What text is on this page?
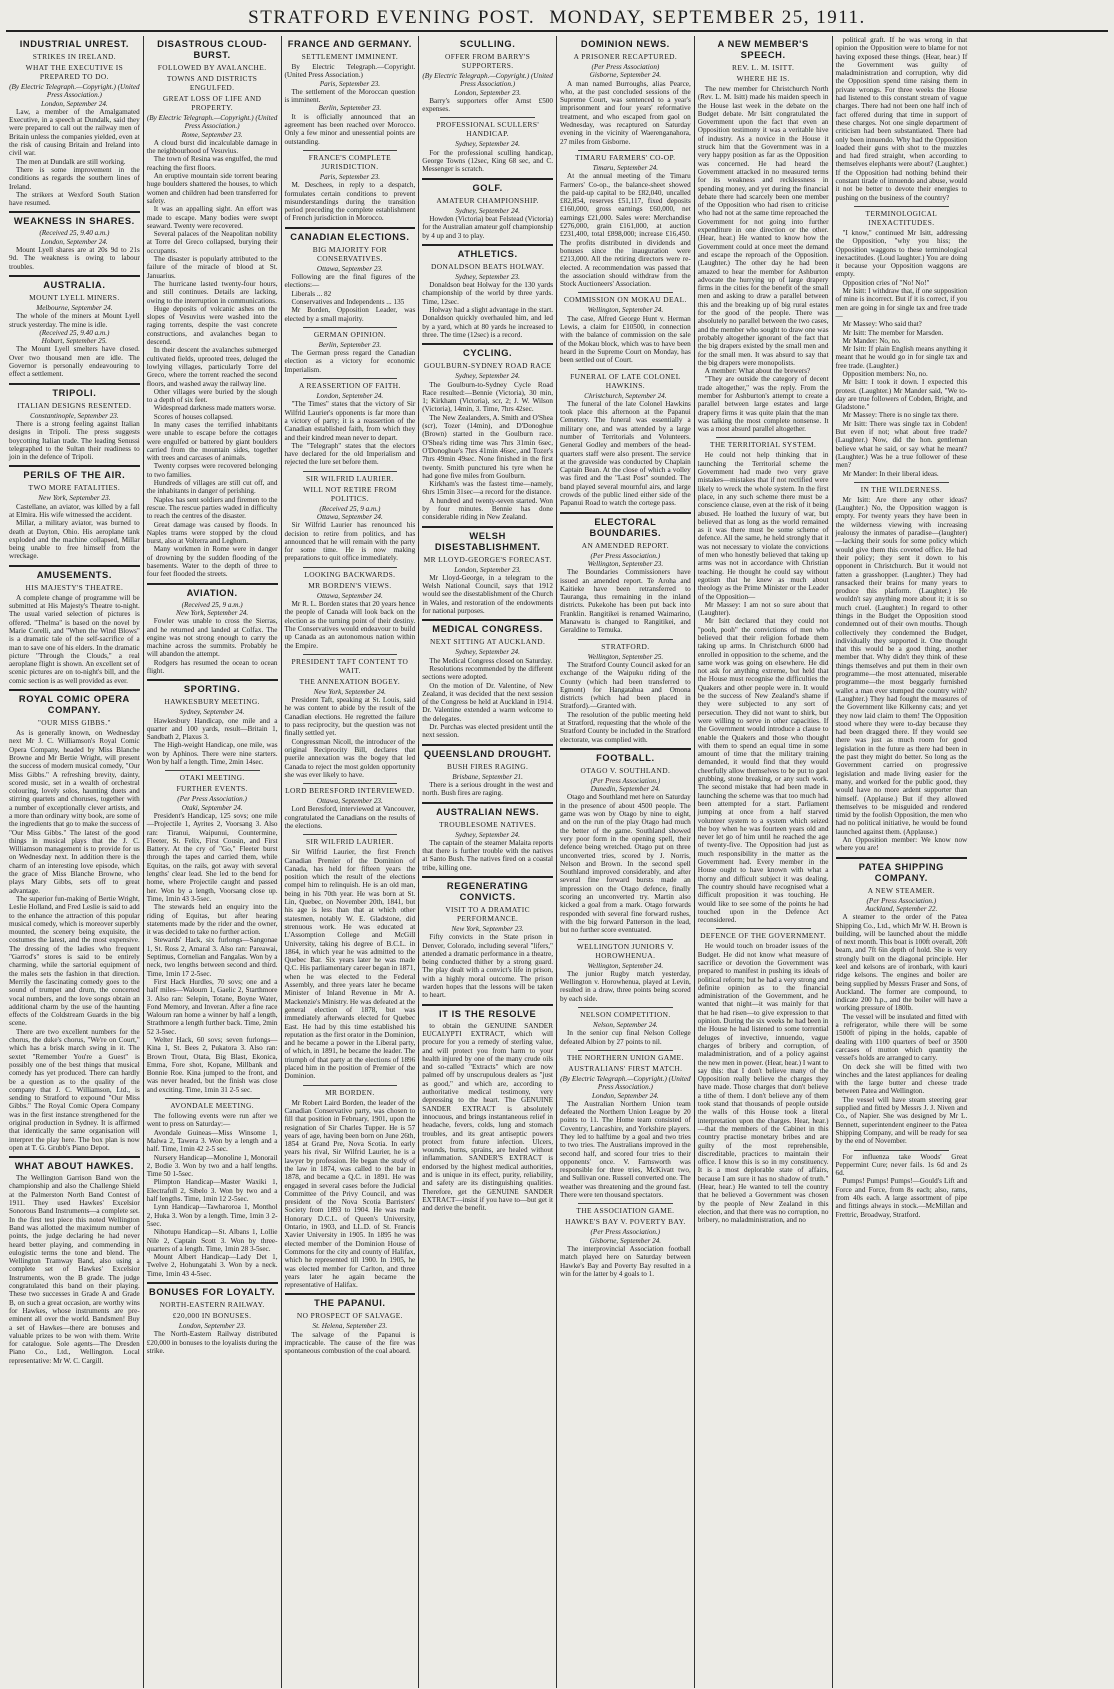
STRATFORD EVENING POST. MONDAY, SEPTEMBER 25, 1911.
INDUSTRIAL UNREST.
STRIKES IN IRELAND.
WHAT THE EXECUTIVE IS PREPARED TO DO.

(By Electric Telegraph.—Copyright.) (United Press Association.)

London, September 24.

Law, a member of the Amalgamated Executive, in a speech at Dundalk, said they were prepared to call out the railway men of Britain unless the companies yielded, even at the risk of causing Britain and Ireland into civil war.

The men at Dundalk are still working.

There is some improvement in the conditions as regards the southern lines of Ireland.

The strikers at Wexford South Station have resumed.

WEAKNESS IN SHARES.

(Received 25, 9.40 a.m.)

London, September 24.

Mount Lyell shares are at 20s 9d to 21s 9d. The weakness is owing to labour troubles.

AUSTRALIA.
MOUNT LYELL MINERS.

Melbourne, September 24.

The whole of the miners at Mount Lyell struck yesterday. The mine is idle.

(Received 25, 9.40 a.m.)

Hobart, September 25.

The Mount Lyell smelters have closed. Over two thousand men are idle. The Governor is personally endeavouring to effect a settlement.

TRIPOLI.
ITALIAN DESIGNS RESENTED.

Constantinople, September 23.

There is a strong feeling against Italian designs in Tripoli. The press suggests boycotting Italian trade. The leading Senussi telegraphed to the Sultan their readiness to join in the defence of Tripoli.

PERILS OF THE AIR.
TWO MORE FATALITIES.

New York, September 23.

Castellane, an aviator, was killed by a fall at Elmira. His wife witnessed the accident.

Millar, a military aviator, was burned to death at Dayton, Ohio. His aeroplane tank exploded and the machine collapsed, Millar being unable to free himself from the wreckage.

AMUSEMENTS.
HIS MAJESTY'S THEATRE.

A complete change of programme will be submitted at His Majesty's Theatre to-night. The usual varied selection of pictures is offered. "Thelma" is based on the novel by Marie Corelli, and "When the Wind Blows" is a dramatic tale of the self-sacrifice of a man to save one of his elders. In the dramatic picture "Through the Clouds," a real aeroplane flight is shown. An excellent set of scenic pictures are on to-night's bill, and the comic section is as well provided as ever.

ROYAL COMIC OPERA COMPANY.
"OUR MISS GIBBS."

As is generally known, on Wednesday next Mr J. C. Williamson's Royal Comic Opera Company, headed by Miss Blanche Browne and Mr Bertie Wright, will present the success of modern musical comedy, "Our Miss Gibbs." A refreshing brevity, dainty, scored music, set in a wealth of orchestral colouring, lovely solos, haunting duets and stirring quartets and choruses, together with a number of exceptionally clever artists, and a more than ordinary witty book, are some of the ingredients that go to make the success of "Our Miss Gibbs." The latest of the good things in musical plays that the J. C. Williamson management is to provide for us on Wednesday next. In addition there is the charm of an interesting love episode, which the grace of Miss Blanche Browne, who plays Mary Gibbs, sets off to great advantage.

The superior fun-making of Bertie Wright, Leslie Holland, and Fred Leslie is said to add to the enhance the attraction of this popular musical comedy, which is moreover superbly mounted, the scenery being exquisite, the costumes the latest, and the most expensive. The dressing of the ladies who frequent "Garrod's" stores is said to be entirely charming, while the sartorial equipment of the males sets the fashion in that direction. Merrily the fascinating comedy goes to the sound of trumpet and drum, the concerted vocal numbers, and the love songs obtain an additional charm by the use of the haunting effects of the Coldstream Guards in the big scene.

There are two excellent numbers for the chorus, the duke's chorus, "We're on Court," which has a brisk march swing in it. The sextet "Remember You're a Guest" is possibly one of the best things that musical comedy has yet produced. There can hardly be a question as to the quality of the company that J. C. Williamson, Ltd., is sending to Stratford to expound "Our Miss Gibbs." The Royal Comic Opera Company was in the first instance strengthened for the original production in Sydney. It is affirmed that identically the same organisation will interpret the play here. The box plan is now open at T. G. Grubb's Piano Depot.

WHAT ABOUT HAWKES.

The Wellington Garrison Band won the championship and also the Challenge Shield at the Palmerston North Band Contest of 1911. They used Hawkes' Excelsior Sonorous Band Instruments—a complete set. In the first test piece this noted Wellington Band was allotted the maximum number of points, the judge declaring he had never heard better playing, and commending in eulogistic terms the tone and blend. The Wellington Tramway Band, also using a complete set of Hawkes' Excelsior Instruments, won the B grade. The judge congratulated this band on their playing. These two successes in Grade A and Grade B, on such a great occasion, are worthy wins for Hawkes, whose instruments are pre-eminent all over the world. Bandsmen! Buy a set of Hawkes—there are bonuses and valuable prizes to be won with them. Write for catalogue. Sole agents—The Dresden Piano Co., Ltd., Wellington. Local representative: Mr W. C. Cargill.

DISASTROUS CLOUD-BURST.
FOLLOWED BY AVALANCHE.
TOWNS AND DISTRICTS ENGULFED.
GREAT LOSS OF LIFE AND PROPERTY.

(By Electric Telegraph.—Copyright.) (United Press Association.)

Rome, September 23.

A cloud burst did incalculable damage in the neighbourhood of Vesuvius.

The town of Resina was engulfed, the mud reaching the first floors.

An eruptive mountain side torrent bearing huge boulders shattered the houses, to which women and children had been transferred for safety.

It was an appalling sight. An effort was made to escape. Many bodies were swept seaward. Twenty were recovered.

Several palaces of the Neapolitan nobility at Torre del Greco collapsed, burying their occupants.

The disaster is popularly attributed to the failure of the miracle of blood at St. Januarius.

The hurricane lasted twenty-four hours, and still continues. Details are lacking, owing to the interruption in communications.

Huge deposits of volcanic ashes on the slopes of Vesuvius were washed into the raging torrents, despite the vast concrete constructions, and avalanches began to descend.

In their descent the avalanches submerged cultivated fields, uprooted trees, deluged the lowlying villages, particularly Torre del Greco, where the torrent reached the second floors, and washed away the railway line.

Other villages were buried by the slough to a depth of six feet.

Widespread darkness made matters worse.

Scores of houses collapsed.

In many cases the terrified inhabitants were unable to escape before the cottages were engulfed or battered by giant boulders carried from the mountain sides, together with trees and carcases of animals.

Twenty corpses were recovered belonging to two families.

Hundreds of villages are still cut off, and the inhabitants in danger of perishing.

Naples has sent soldiers and firemen to the rescue. The rescue parties waded in difficulty to reach the centres of the disaster.

Great damage was caused by floods. In Naples trams were stopped by the cloud burst, also at Volterra and Leghorn.

Many workmen in Rome were in danger of drowning by the sudden flooding of the basements. Water to the depth of three to four feet flooded the streets.

AVIATION.

(Received 25, 9 a.m.)

New York, September 24.

Fowler was unable to cross the Sierras, and he returned and landed at Colfax. The engine was not strong enough to carry the machine across the summits. Probably he will abandon the attempt.

Rodgers has resumed the ocean to ocean flight.

SPORTING.
HAWKESBURY MEETING.

Sydney, September 24.

Hawkesbury Handicap, one mile and a quarter and 100 yards, result—Britain 1, Sandbath 2, Plaxus 3.

The High-weight Handicap, one mile, was won by Aphinos. There were nine starters. Won by half a length. Time, 2min 14sec.

OTAKI MEETING.
FURTHER EVENTS.

(Per Press Association.)

Otaki, September 24.

President's Handicap, 125 sovs; one mile—Projectile 1, Ayrites 2, Voorsang 3. Also ran: Tiranui, Waipunui, Countermine, Fleeter, St. Felix, First Cousin, and First Battery. At the cry of "Go," Fleeter burst through the tapes and carried them, while Equitas, on the rails, got away with several lengths' clear lead. She led to the bend for home, where Projectile caught and passed her. Won by a length, Voorsang close up. Time, 1min 43 3-5sec.

The stewards held an enquiry into the riding of Equitas, but after hearing statements made by the rider and the owner, it was decided to take no further action.

Stewards' Hack, six furlongs—Sangonae 1, St. Ross 2, Amaral 3. Also ran: Pareawai, Septimus, Cornelian and Fangalas. Won by a neck, two lengths between second and third. Time, 1min 17 2-5sec.

First Hack Hurdles, 70 sovs; one and a half miles—Walourn 1, Gaelic 2, Starthmore 3. Also ran: Selepin, Totane, Boyne Water, Fond Memory, and Inveran. After a fine race Walourn ran home a winner by half a length, Strathmore a length further back. Time, 2min 52 3-5sec.

Welter Hack, 60 sovs; seven furlongs—Kina 1, St. Bees 2, Pukatora 3. Also ran: Brown Trout, Otata, Big Blast, Ekonica, Emma, Fore shot, Kopane, Millbank and Bonnie Roe. Kina jumped to the front, and was never headed, but the finish was close and exciting. Time, 1min 31 2-5 sec.

AVONDALE MEETING.

The following events were run after we went to press on Saturday:—

Avondale Guineas—Miss Winsome 1, Malwa 2, Tawera 3. Won by a length and a half. Time, 1min 42 2-5 sec.

Nursery Handicap—Monoline 1, Monorail 2, Bodie 3. Won by two and a half lengths. Time 50 1-5sec.

Plimpton Handicap—Master Waxiki 1, Electrafull 2, Sibelo 3. Won by two and a half lengths. Time, 1min 12 2-5sec.

Lynn Handicap—Tawharoroa 1, Monthol 2, Huka 3. Won by a length. Time, 1min 3 2-5sec.

Nihotupu Handicap—St. Albans 1, Lollie Nile 2, Captain Scott 3. Won by three-quarters of a length. Time, 1min 28 3-5sec.

Mount Albert Handicap—Lady Det 1, Twelve 2, Hohungatahi 3. Won by a neck. Time, 1min 43 4-5sec.

BONUSES FOR LOYALTY.
NORTH-EASTERN RAILWAY.
£20,000 IN BONUSES.

London, September 23.

The North-Eastern Railway distributed £20,000 in bonuses to the loyalists during the strike.

FRANCE AND GERMANY.
SETTLEMENT IMMINENT.

By Electric Telegraph.—Copyright. (United Press Association.)

Paris, September 23.

The settlement of the Moroccan question is imminent.

Berlin, September 23.

It is officially announced that an agreement has been reached over Morocco. Only a few minor and unessential points are outstanding.

FRANCE'S COMPLETE JURISDICTION.

Paris, September 23.

M. Deschees, in reply to a despatch, formulates certain conditions to prevent misunderstandings during the transition period preceding the complete establishment of French jurisdiction in Morocco.

CANADIAN ELECTIONS.
BIG MAJORITY FOR CONSERVATIVES.

Ottawa, September 23.

Following are the final figures of the elections:—

Liberals ... 82

Conservatives and Independents ... 135

Mr Borden, Opposition Leader, was elected by a small majority.

GERMAN OPINION.

Berlin, September 23.

The German press regard the Canadian election as a victory for economic Imperialism.

A REASSERTION OF FAITH.

London, September 24.

"The Times" states that the victory of Sir Wilfrid Laurier's opponents is far more than a victory of party; it is a reassertion of the Canadian established faith, from which they and their kindred mean never to depart.

The "Telegraph" states that the electors have declared for the old Imperialism and rejected the lure set before them.

SIR WILFRID LAURIER.
WILL NOT RETIRE FROM POLITICS.

(Received 25, 9 a.m.)

Ottawa, September 24.

Sir Wilfrid Laurier has renounced his decision to retire from politics, and has announced that he will remain with the party for some time. He is now making preparations to quit office immediately.

LOOKING BACKWARDS.
MR BORDEN'S VIEWS.

Ottawa, September 24.

Mr R. L. Borden states that 20 years hence the people of Canada will look back on the election as the turning point of their destiny. The Conservatives would endeavour to build up Canada as an autonomous nation within the Empire.

PRESIDENT TAFT CONTENT TO WAIT.
THE ANNEXATION BOGEY.

New York, September 24.

President Taft, speaking at St. Louis, said he was content to abide by the result of the Canadian elections. He regretted the failure to pass reciprocity, but the question was not finally settled yet.

Congressman Nicoll, the introducer of the original Reciprocity Bill, declares that puerile annexation was the bogey that led Canada to reject the most golden opportunity she was ever likely to have.

LORD BERESFORD INTERVIEWED.

Ottawa, September 23.

Lord Beresford, interviewed at Vancouver, congratulated the Canadians on the results of the elections.

SIR WILFRID LAURIER.

Sir Wilfrid Laurier, the first French Canadian Premier of the Dominion of Canada, has held for fifteen years the position which the result of the elections compel him to relinquish. He is an old man, being in his 70th year. He was born at St. Lin, Quebec, on November 20th, 1841, but his age is less than that at which other statesmen, notably W. E. Gladstone, did strenuous work. He was educated at L'Assomption College and McGill University, taking his degree of B.C.L. in 1864, in which year he was admitted to the Quebec Bar. Six years later he was made Q.C. His parliamentary career began in 1871, when he was elected to the Federal Assembly, and three years later he became Minister of Inland Revenue in Mr A. Mackenzie's Ministry. He was defeated at the general election of 1878, but was immediately afterwards elected for Quebec East. He had by this time established his reputation as the first orator in the Dominion, and he became a power in the Liberal party, of which, in 1891, he became the leader. The triumph of that party at the elections of 1896 placed him in the position of Premier of the Dominion.

MR BORDEN.

Mr Robert Laird Borden, the leader of the Canadian Conservative party, was chosen to fill that position in February, 1901, upon the resignation of Sir Charles Tupper. He is 57 years of age, having been born on June 26th, 1854 at Grand Pre, Nova Scotia. In early years his rival, Sir Wilfrid Laurier, he is a lawyer by profession. He began the study of the law in 1874, was called to the bar in 1878, and became a Q.C. in 1891. He was engaged in several cases before the Judicial Committee of the Privy Council, and was president of the Nova Scotia Barristers' Society from 1893 to 1904. He was made Honorary D.C.L. of Queen's University, Ontario, in 1903, and LL.D. of St. Francis Xavier University in 1905. In 1895 he was elected member of the Dominion House of Commons for the city and county of Halifax, which he represented till 1900. In 1905, he was elected member for Carlton, and three years later he again became the representative of Halifax.

THE PAPANUI.
NO PROSPECT OF SALVAGE.

St. Helena, September 23.

The salvage of the Papanui is impracticable. The cause of the fire was spontaneous combustion of the coal aboard.

SCULLING.
OFFER FROM BARRY'S SUPPORTERS.

(By Electric Telegraph.—Copyright.) (United Press Association.)

London, September 23.

Barry's supporters offer Arnst £500 expenses.

PROFESSIONAL SCULLERS' HANDICAP.

Sydney, September 24.

For the professional sculling handicap, George Towns (12sec, King 68 sec, and C. Messenger is scratch.

GOLF.
AMATEUR CHAMPIONSHIP.

Sydney, September 24.

Howden (Victoria) beat Felstead (Victoria) for the Australian amateur golf championship by 4 up and 3 to play.

ATHLETICS.
DONALDSON BEATS HOLWAY.

Sydney, September 23.

Donaldson beat Holway for the 130 yards championship of the world by three yards. Time, 12sec.

Holway had a slight advantage in the start. Donaldson quickly overhauled him, and led by a yard, which at 80 yards he increased to three. The time (12sec) is a record.

CYCLING.
GOULBURN-SYDNEY ROAD RACE

Sydney, September 24.

The Goulburn-to-Sydney Cycle Road Race resulted:—Bennie (Victoria), 30 min, 1; Kirkham (Victoria), scr, 2; J. W. Wilson (Victoria), 14min, 3. Time, 7hrs 42sec.

The New Zealanders, A. Smith and O'Shea (scr), Tozer (14min), and D'Donoghue (Brown) started in the Goulburn race. O'Shea's riding time was 7hrs 31min 6sec, O'Donoghue's 7hrs 41min 46sec, and Tozer's 7hrs 49min 49sec. None finished in the first twenty. Smith punctured his tyre when he had gone five miles from Goulburn.

Kirkham's was the fastest time—namely, 6hrs 15min 31sec—a record for the distance.

A hundred and twenty-seven started. Won by four minutes. Bennie has done considerable riding in New Zealand.

WELSH DISESTABLISHMENT.
MR LLOYD-GEORGE'S FORECAST.

London, September 23.

Mr Lloyd-George, in a telegram to the Welsh National Council, says that 1912 would see the disestablishment of the Church in Wales, and restoration of the endowments for national purposes.

MEDICAL CONGRESS.
NEXT SITTING AT AUCKLAND.

Sydney, September 24.

The Medical Congress closed on Saturday.

Resolutions recommended by the different sections were adopted.

On the motion of Dr. Valentine, of New Zealand, it was decided that the next session of the Congress be held at Auckland in 1914. Dr. Valentine extended a warm welcome to the delegates.

Dr. Purchas was elected president until the next session.

QUEENSLAND DROUGHT.
BUSH FIRES RAGING.

Brisbane, September 21.

There is a serious drought in the west and north. Bush fires are raging.

AUSTRALIAN NEWS.
TROUBLESOME NATIVES.

Sydney, September 24.

The captain of the steamer Malaita reports that there is further trouble with the natives at Santo Bush. The natives fired on a coastal tribe, killing one.

REGENERATING CONVICTS.
VISIT TO A DRAMATIC PERFORMANCE.

New York, September 23.

Fifty convicts in the State prison in Denver, Colorado, including several "lifers," attended a dramatic performance in a theatre, being conducted thither by a strong guard. The play dealt with a convict's life in prison, with a highly moral outcome. The prison warden hopes that the lessons will be taken to heart.

IT IS THE RESOLVE

to obtain the GENUINE SANDER EUCALYPTI EXTRACT, which will procure for you a remedy of sterling value, and will protect you from harm to your health injured by one of the many crude oils and so-called "Extracts" which are now palmed off by unscrupulous dealers as "just as good," and which are, according to authoritative medical testimony, very depressing to the heart. The GENUINE SANDER EXTRACT is absolutely innocuous, and brings instantaneous relief in headache, fevers, colds, lung and stomach troubles, and its great antiseptic powers protect from future infection. Ulcers, wounds, burns, sprains, are healed without inflammation. SANDER'S EXTRACT is endorsed by the highest medical authorities, and is unique in its effect, purity, reliability, and safety are its distinguishing qualities. Therefore, get the GENUINE SANDER EXTRACT—insist if you have to—but get it and derive the benefit.

DOMINION NEWS.
A PRISONER RECAPTURED.

(Per Press Association)

Gisborne, September 24.

A man named Burroughs, alias Pearce, who, at the past concluded sessions of the Supreme Court, was sentenced to a year's imprisonment and four years' reformative treatment, and who escaped from gaol on Wednesday, was recaptured on Saturday evening in the vicinity of Waerenganahora, 27 miles from Gisborne.

TIMARU FARMERS' CO-OP.

Timaru, September 24.

At the annual meeting of the Timaru Farmers' Co-op., the balance-sheet showed the paid-up capital to be £82,040, uncalled £82,854, reserves £51,117, fixed deposits £160,000, gross earnings £60,000, net earnings £21,000. Sales were: Merchandise £276,000, grain £161,000, at auction £231,400, total £898,000; increase £16,450. The profits distributed in dividends and bonuses since the inauguration were £213,000. All the retiring directors were re-elected. A recommendation was passed that the association should withdraw from the Stock Auctioneers' Association.

COMMISSION ON MOKAU DEAL.

Wellington, September 24.

The case, Alfred George Hunt v. Herman Lewis, a claim for £10500, in connection with the balance of commission on the sale of the Mokau block, which was to have been heard in the Supreme Court on Monday, has been settled out of Court.

FUNERAL OF LATE COLONEL HAWKINS.

Christchurch, September 24.

The funeral of the late Colonel Hawkins took place this afternoon at the Papanui Cemetery. The funeral was essentially a military one, and was attended by a large number of Territorials and Volunteers. General Godley and members of the head-quarters staff were also present. The service at the graveside was conducted by Chaplain Captain Bean. At the close of which a volley was fired and the "Last Post" sounded. The band played several mournful airs, and large crowds of the public lined either side of the Papanui Road to watch the cortege pass.

ELECTORAL BOUNDARIES.
AN AMENDED REPORT.

(Per Press Association.)

Wellington, September 23.

The Boundaries Commissioners have issued an amended report. Te Aroha and Kaitieke have been retransferred to Tauranga, thus remaining in the inland districts. Pukekohe has been put back into Franklin. Rangitikei is renamed Waimarino, Manawatu is changed to Rangitikei, and Geraldine to Temuka.

STRATFORD.

Wellington, September 25.

The Stratford County Council asked for an exchange of the Waipuku riding of the County (which had been transferred to Egmont) for Hangatahua and Omona districts (which had been placed in Stratford).—Granted with.

The resolution of the public meeting held at Stratford, requesting that the whole of the Stratford County be included in the Stratford electorate, was complied with.

FOOTBALL.
OTAGO V. SOUTHLAND.

(Per Press Association.)

Dunedin, September 24.

Otago and Southland met here on Saturday in the presence of about 4500 people. The game was won by Otago by nine to eight, and on the run of the play Otago had much the better of the game. Southland showed very poor form in the opening spell, their defence being wretched. Otago put on three unconverted tries, scored by J. Norris, Nelson and Brown. In the second spell Southland improved considerably, and after several fine forward bursts made an impression on the Otago defence, finally scoring an unconverted try. Martin also kicked a goal from a mark. Otago forwards responded with several fine forward rushes, with the big forward Patterson in the lead, but no further score eventuated.

WELLINGTON JUNIORS V. HOROWHENUA.

Wellington, September 24.

The junior Rugby match yesterday, Wellington v. Horowhenua, played at Levin, resulted in a draw, three points being scored by each side.

NELSON COMPETITION.

Nelson, September 24.

In the senior cup final Nelson College defeated Albion by 27 points to nil.

THE NORTHERN UNION GAME.
AUSTRALIANS' FIRST MATCH.

(By Electric Telegraph.—Copyright.) (United Press Association.)

London, September 24.

The Australian Northern Union team defeated the Northern Union League by 20 points to 11. The Home team consisted of Coventry, Lancashire, and Yorkshire players. They led to halftime by a goal and two tries to two tries. The Australians improved in the second half, and scored four tries to their opponents' once. V. Farnsworth was responsible for three tries, McKivatt two, and Sullivan one. Russell converted one. The weather was threatening and the ground fast. There were ten thousand spectators.

THE ASSOCIATION GAME.
HAWKE'S BAY V. POVERTY BAY.

(Per Press Association.)

Gisborne, September 24.

The interprovincial Association football match played here on Saturday between Hawke's Bay and Poverty Bay resulted in a win for the latter by 4 goals to 1.

A NEW MEMBER'S SPEECH.
REV. L. M. ISITT.
WHERE HE IS.

The new member for Christchurch North (Rev. L. M. Isitt) made his maiden speech in the House last week in the debate on the Budget debate. Mr Isitt congratulated the Government upon the fact that even an Opposition testimony it was a veritable hive of industry. As a novice in the House it struck him that the Government was in a very happy position as far as the Opposition was concerned. He had heard the Government attacked in no measured terms for its weakness and recklessness in spending money, and yet during the financial debate there had scarcely been one member of the Opposition who had risen to criticise who had not at the same time reproached the Government for not going into further expenditure in one direction or the other. (Hear, hear.) He wanted to know how the Government could at once meet the demand and escape the reproach of the Opposition. (Laughter.) The other day he had been amazed to hear the member for Ashburton advocate the hurrying up of large drapery firms in the cities for the benefit of the small men and asking to draw a parallel between this and the breaking up of big rural estates for the good of the people. There was absolutely no parallel between the two cases, and the member who sought to draw one was probably altogether ignorant of the fact that the big drapers existed by the small men and for the small men. It was absurd to say that the big drapers were monopolists.

A member: What about the brewers?

"They are outside the category of decent trade altogether," was the reply. From the member for Ashburton's attempt to create a parallel between large estates and large drapery firms it was quite plain that the man was talking the most complete nonsense. It was a most absurd parallel altogether.

THE TERRITORIAL SYSTEM.

He could not help thinking that in launching the Territorial scheme the Government had made two very grave mistakes—mistakes that if not rectified were likely to wreck the whole system. In the first place, in any such scheme there must be a conscience clause, even at the risk of it being abused. He loathed the luxury of war, but believed that as long as the world remained as it was there must be some scheme of defence. All the same, he held strongly that it was not necessary to violate the convictions of men who honestly believed that taking up arms was not in accordance with Christian teaching. He thought he could say without egotism that he knew as much about theology as the Prime Minister or the Leader of the Opposition—

Mr Massey: I am not so sure about that (Laughter).

Mr Isitt declared that they could not "pooh, pooh" the convictions of men who believed that their religion forbade them taking up arms. In Christchurch 6000 had enrolled in opposition to the scheme, and the same work was going on elsewhere. He did not ask for anything extreme, but held that the House must recognise the difficulties the Quakers and other people were in. It would be the success of New Zealand's shame if they were subjected to any sort of persecution. They did not want to shirk, but were willing to serve in other capacities. If the Government would introduce a clause to enable the Quakers and those who thought with them to spend an equal time in some amount of time that the military training demanded, it would find that they would cheerfully allow themselves to be put to gaol grubbing, stone breaking, or any such work. The second mistake that had been made in launching the scheme was that too much had been attempted for a start. Parliament jumping at once from a half starved volunteer system to a system which seized the boy when he was fourteen years old and never let go of him until he reached the age of twenty-five. The Opposition had just as much responsibility in the matter as the Government had. Every member in the House ought to have known with what a thorny and difficult subject it was dealing. The country should have recognised what a difficult proposition it was touching. He would like to see some of the points he had touched upon in the Defence Act reconsidered.

DEFENCE OF THE GOVERNMENT.

He would touch on broader issues of the Budget. He did not know what measure of sacrifice or devotion the Government was prepared to manifest in pushing its ideals of political reform; but he had a very strong and definite opinion as to the financial administration of the Government, and he wanted that night—it was mainly for that that he had risen—to give expression to that opinion. During the six weeks he had been in the House he had listened to some torrential deluges of invective, innuendo, vague charges of bribery and corruption, of maladministration, and of a policy against the new men in power. (Hear, hear.) I want to say this: that I don't believe many of the Opposition really believe the charges they have made. Those charges that don't believe a tithe of them. I don't believe any of them took stand that thousands of people outside the walls of this House took a literal interpretation upon the charges. Hear, hear.)—that the members of the Cabinet in this country practise monetary bribes and are guilty of the most reprehensible, discreditable, practices to maintain their office. I know this is so in my constituency. It is a most deplorable state of affairs, because I am sure it has no shadow of truth." (Hear, hear.) He wanted to tell the country that he believed a Government was chosen by the people of New Zealand in this election, and that there was no corruption, no bribery, no maladministration, and no

political graft. If he was wrong in that opinion the Opposition were to blame for not having exposed these things. (Hear, hear.) If the Government was guilty of maladministration and corruption, why did the Opposition spend time raising them in private wrongs. For three weeks the House had listened to this constant stream of vague charges. There had not been one half inch of fact offered during that time in support of these charges. Not one single department of criticism had been substantiated. There had only been innuendo. Why had the Opposition loaded their guns with shot to the muzzles and had fired straight, when according to themselves elephants were about? (Laughter.) If the Opposition had nothing behind their constant tirade of innuendo and abuse, would it not be better to devote their energies to pushing on the business of the country?

TERMINOLOGICAL INEXACTITUDES.

"I know," continued Mr Isitt, addressing the Opposition, "why you hiss; the Opposition waggons to these terminological inexactitudes. (Loud laughter.) You are doing it because your Opposition waggons are empty.

Opposition cries of "No! No!"

Mr Isitt: I withdraw that, if one supposition of mine is incorrect. But if it is correct, if you men are going in for single tax and free trade—

Mr Massey: Who said that?

Mr Isitt: The member for Marsden.

Mr Mander: No, no.

Mr Isitt: If plain English means anything it meant that he would go in for single tax and free trade. (Laughter.)

Opposition members: No, no.

Mr Isitt: I took it down. I expected this protest. (Laughter.) Mr Mander said, "We to-day are true followers of Cobden, Bright, and Gladstone."

Mr Massey: There is no single tax there.

Mr Isitt: There was single tax in Cobden! But even if not; what about free trade? (Laughter.) Now, did the hon. gentleman believe what he said, or say what he meant? (Laughter.) Was he a true follower of these men?

Mr Mander: In their liberal ideas.

IN THE WILDERNESS.

Mr Isitt: Are there any other ideas? (Laughter.) No, the Opposition waggon is empty. For twenty years they have been in the wilderness viewing with increasing jealousy the inmates of paradise—(laughter)—lacking their souls for some policy which would give them this coveted office. He had their policy; they sent it down to his opponent in Christchurch. But it would not fatten a grasshopper. (Laughter.) They had ransacked their brains for many years to produce this platform. (Laughter.) He wouldn't say anything more about it; it is so much cruel. (Laughter.) In regard to other things in the Budget the Opposition stood condemned out of their own mouths. Though collectively they condemned the Budget, individually they supported it. One thought that this would be a good thing, another member that. Why didn't they think of these things themselves and put them in their own programme—the most attenuated, miserable programme—the most beggarly furnished wallet a man ever stumped the country with? (Laughter.) They had fought the measures of the Government like Kilkenny cats; and yet they now laid claim to them! The Opposition stood where they were to-day because they had been dragged there. If they would see there was just as much room for good legislation in the future as there had been in the past they might do better. So long as the Government carried on progressive legislation and made living easier for the many, and worked for the public good, they would have no more ardent supporter than himself. (Applause.) But if they allowed themselves to be misguided and rendered timid by the foolish Opposition, the men who had no political initiative, he would be found launched against them. (Applause.)

An Opposition member: We know now where you are!

PATEA SHIPPING COMPANY.
A NEW STEAMER.

(Per Press Association.)

Auckland, September 22.

A steamer to the order of the Patea Shipping Co., Ltd., which Mr W. H. Brown is building, will be launched about the middle of next month. This boat is 100ft overall, 20ft beam, and 7ft 6in depth of hold. She is very strongly built on the diagonal principle. Her keel and kelsons are of ironbark, with kauri ridge kelsons. The engines and boiler are being supplied by Messrs Fraser and Sons, of Auckland. The former are compound, to indicate 200 h.p., and the boiler will have a working pressure of 180lb.

The vessel will be insulated and fitted with a refrigerator, while there will be some 1500ft of piping in the holds, capable of dealing with 1100 quarters of beef or 3500 carcases of mutton which quantity the vessel's holds are arranged to carry.

On deck she will be fitted with two winches and the latest appliances for dealing with the large butter and cheese trade between Patea and Wellington.

The vessel will have steam steering gear supplied and fitted by Messrs J. J. Niven and Co., of Napier. She was designed by Mr L. Bennett, superintendent engineer to the Patea Shipping Company, and will be ready for sea by the end of November.

For influenza take Woods' Great Peppermint Cure; never fails. 1s 6d and 2s 6d.

Pumps! Pumps! Pumps!—Gould's Lift and Force and Force, from 8s each; also, rams, from 40s each. A large assortment of pipe and fittings always in stock.—McMillan and Frettric, Broadway, Stratford.
